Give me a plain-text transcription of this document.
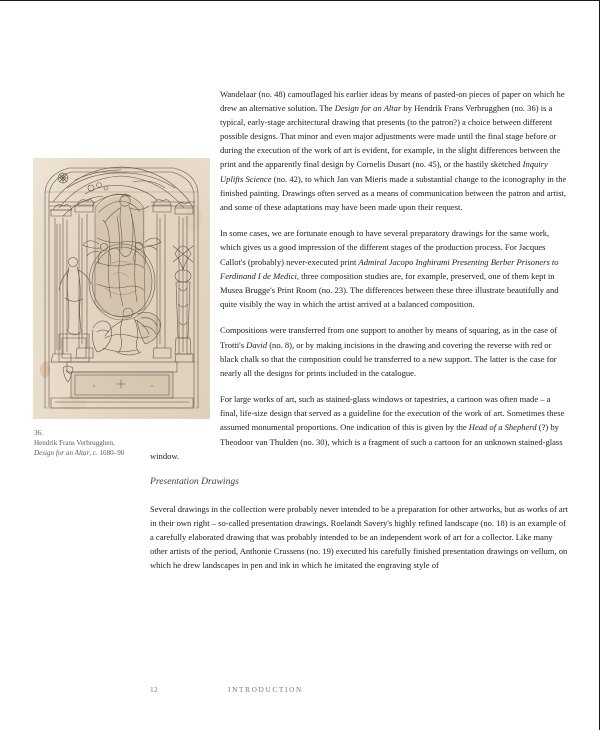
36.
Hendrik Frans Verbrugghen,
Design for an Altar, c. 1680–90

Wandelaar (no. 48) camouflaged his earlier ideas by means of pasted-on pieces of paper on which he drew an alternative solution. The Design for an Altar by Hendrik Frans Verbrugghen (no. 36) is a typical, early-stage architectural drawing that presents (to the patron?) a choice between different possible designs. That minor and even major adjustments were made until the final stage before or during the execution of the work of art is evident, for example, in the slight differences between the print and the apparently final design by Cornelis Dusart (no. 45), or the hastily sketched Inquiry Uplifts Science (no. 42), to which Jan van Mieris made a substantial change to the iconography in the finished painting. Drawings often served as a means of communication between the patron and artist, and some of these adaptations may have been made upon their request.

In some cases, we are fortunate enough to have several preparatory drawings for the same work, which gives us a good impression of the different stages of the production process. For Jacques Callot's (probably) never-executed print Admiral Jacopo Inghirami Presenting Berber Prisoners to Ferdinand I de Medici, three composition studies are, for example, preserved, one of them kept in Musea Brugge's Print Room (no. 23). The differences between these three illustrate beautifully and quite visibly the way in which the artist arrived at a balanced composition.

Compositions were transferred from one support to another by means of squaring, as in the case of Trotti's David (no. 8), or by making incisions in the drawing and covering the reverse with red or black chalk so that the composition could be transferred to a new support. The latter is the case for nearly all the designs for prints included in the catalogue.

For large works of art, such as stained-glass windows or tapestries, a cartoon was often made – a final, life-size design that served as a guideline for the execution of the work of art. Sometimes these assumed monumental proportions. One indication of this is given by the Head of a Shepherd (?) by Theodoor van Thulden (no. 30), which is a fragment of such a cartoon for an unknown stained-glass window.

Presentation Drawings

Several drawings in the collection were probably never intended to be a preparation for other artworks, but as works of art in their own right – so-called presentation drawings. Roelandt Savery's highly refined landscape (no. 18) is an example of a carefully elaborated drawing that was probably intended to be an independent work of art for a collector. Like many other artists of the period, Anthonie Crussens (no. 19) executed his carefully finished presentation drawings on vellum, on which he drew landscapes in pen and ink in which he imitated the engraving style of

12	INTRODUCTION
